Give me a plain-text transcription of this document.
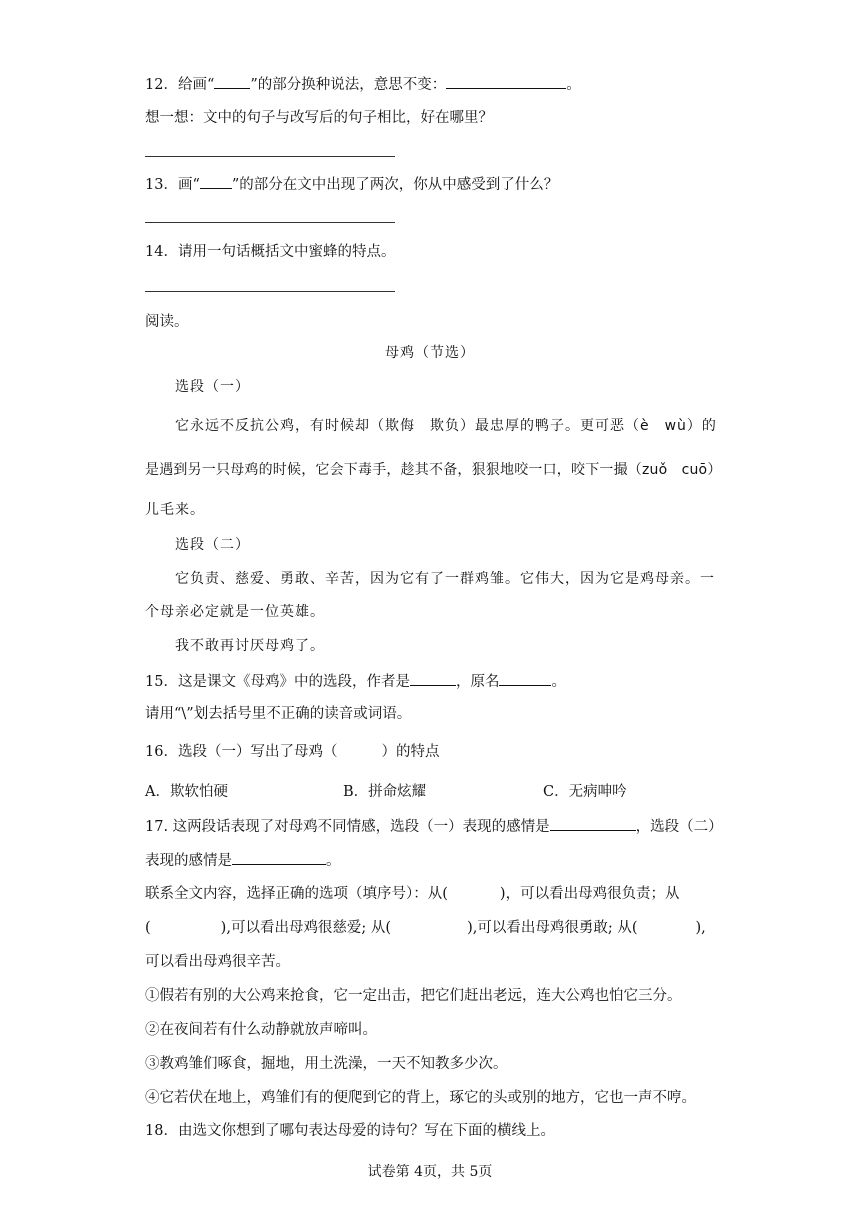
12．给画“ ”的部分换种说法，意思不变：	。
想一想：文中的句子与改写后的句子相比，好在哪里？
13．画“ ”的部分在文中出现了两次，你从中感受到了什么？
14．请用一句话概括文中蜜蜂的特点。
阅读。
母鸡（节选）
选段（一）
它永远不反抗公鸡，有时候却（欺侮　欺负）最忠厚的鸭子。更可恶（è　wù）的
是遇到另一只母鸡的时候，它会下毒手，趁其不备，狠狠地咬一口，咬下一撮（zuǒ　cuō）
儿毛来。
选段（二）
它负责、慈爱、勇敢、辛苦，因为它有了一群鸡雏。它伟大，因为它是鸡母亲。一
个母亲必定就是一位英雄。
我不敢再讨厌母鸡了。
15．这是课文《母鸡》中的选段，作者是	，原名	。
请用“\”划去括号里不正确的读音或词语。
16．选段（一）写出了母鸡（	）的特点
A．欺软怕硬	B．拼命炫耀	C．无病呻吟
17. 这两段话表现了对母鸡不同情感，选段（一）表现的感情是	，选段（二）
表现的感情是	。
联系全文内容，选择正确的选项（填序号）：从(	)，可以看出母鸡很负责；从
(	),可以看出母鸡很慈爱; 从(	),可以看出母鸡很勇敢; 从(	),
可以看出母鸡很辛苦。
①假若有别的大公鸡来抢食，它一定出击，把它们赶出老远，连大公鸡也怕它三分。
②在夜间若有什么动静就放声啼叫。
③教鸡雏们啄食，掘地，用土洗澡，一天不知教多少次。
④它若伏在地上，鸡雏们有的便爬到它的背上，琢它的头或别的地方，它也一声不哼。
18．由选文你想到了哪句表达母爱的诗句？写在下面的横线上。
试卷第 4页，共 5页
